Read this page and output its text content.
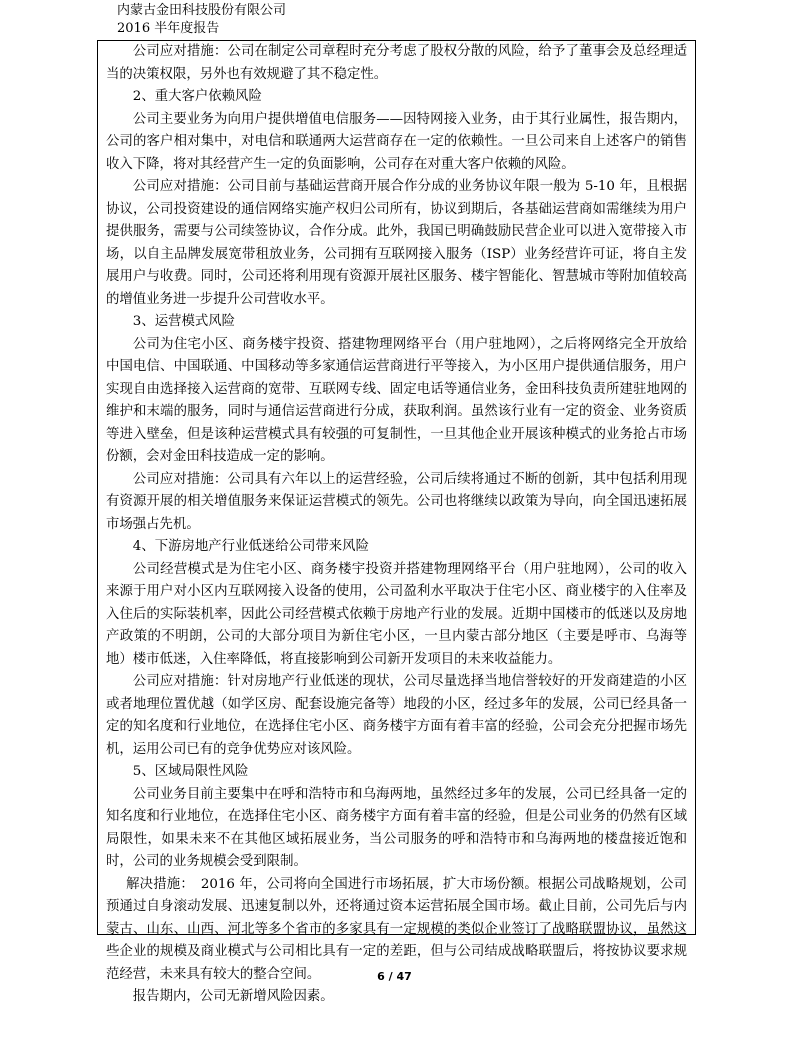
内蒙古金田科技股份有限公司
2016 半年度报告

公司应对措施：公司在制定公司章程时充分考虑了股权分散的风险，给予了董事会及总经理适当的决策权限，另外也有效规避了其不稳定性。

2、重大客户依赖风险

公司主要业务为向用户提供增值电信服务——因特网接入业务，由于其行业属性，报告期内，公司的客户相对集中，对电信和联通两大运营商存在一定的依赖性。一旦公司来自上述客户的销售收入下降，将对其经营产生一定的负面影响，公司存在对重大客户依赖的风险。

公司应对措施：公司目前与基础运营商开展合作分成的业务协议年限一般为 5-10 年，且根据协议，公司投资建设的通信网络实施产权归公司所有，协议到期后，各基础运营商如需继续为用户提供服务，需要与公司续签协议，合作分成。此外，我国已明确鼓励民营企业可以进入宽带接入市场，以自主品牌发展宽带租放业务，公司拥有互联网接入服务（ISP）业务经营许可证，将自主发展用户与收费。同时，公司还将利用现有资源开展社区服务、楼宇智能化、智慧城市等附加值较高的增值业务进一步提升公司营收水平。

3、运营模式风险

公司为住宅小区、商务楼宇投资、搭建物理网络平台（用户驻地网），之后将网络完全开放给中国电信、中国联通、中国移动等多家通信运营商进行平等接入，为小区用户提供通信服务，用户实现自由选择接入运营商的宽带、互联网专线、固定电话等通信业务，金田科技负责所建驻地网的维护和末端的服务，同时与通信运营商进行分成，获取利润。虽然该行业有一定的资金、业务资质等进入壁垒，但是该种运营模式具有较强的可复制性，一旦其他企业开展该种模式的业务抢占市场份额，会对金田科技造成一定的影响。

公司应对措施：公司具有六年以上的运营经验，公司后续将通过不断的创新，其中包括利用现有资源开展的相关增值服务来保证运营模式的领先。公司也将继续以政策为导向，向全国迅速拓展市场强占先机。

4、下游房地产行业低迷给公司带来风险

公司经营模式是为住宅小区、商务楼宇投资并搭建物理网络平台（用户驻地网），公司的收入来源于用户对小区内互联网接入设备的使用，公司盈利水平取决于住宅小区、商业楼宇的入住率及入住后的实际装机率，因此公司经营模式依赖于房地产行业的发展。近期中国楼市的低迷以及房地产政策的不明朗，公司的大部分项目为新住宅小区，一旦内蒙古部分地区（主要是呼市、乌海等地）楼市低迷，入住率降低，将直接影响到公司新开发项目的未来收益能力。

公司应对措施：针对房地产行业低迷的现状，公司尽量选择当地信誉较好的开发商建造的小区或者地理位置优越（如学区房、配套设施完备等）地段的小区，经过多年的发展，公司已经具备一定的知名度和行业地位，在选择住宅小区、商务楼宇方面有着丰富的经验，公司会充分把握市场先机，运用公司已有的竞争优势应对该风险。

5、区域局限性风险

公司业务目前主要集中在呼和浩特市和乌海两地，虽然经过多年的发展，公司已经具备一定的知名度和行业地位，在选择住宅小区、商务楼宇方面有着丰富的经验，但是公司业务的仍然有区域局限性，如果未来不在其他区域拓展业务，当公司服务的呼和浩特市和乌海两地的楼盘接近饱和时，公司的业务规模会受到限制。

解决措施：　2016 年，公司将向全国进行市场拓展，扩大市场份额。根据公司战略规划，公司预通过自身滚动发展、迅速复制以外，还将通过资本运营拓展全国市场。截止目前，公司先后与内蒙古、山东、山西、河北等多个省市的多家具有一定规模的类似企业签订了战略联盟协议，虽然这些企业的规模及商业模式与公司相比具有一定的差距，但与公司结成战略联盟后，将按协议要求规范经营，未来具有较大的整合空间。

报告期内，公司无新增风险因素。

6 / 47
